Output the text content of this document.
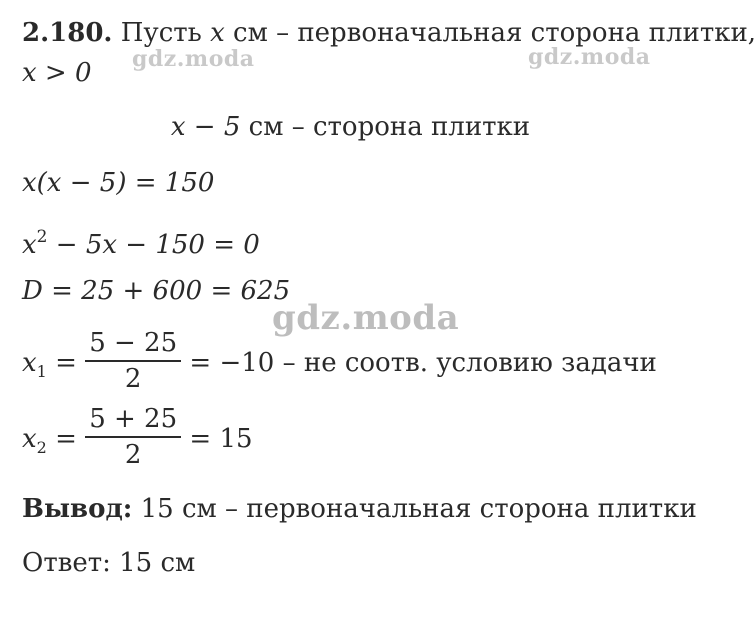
gdz.moda	gdz.moda
gdz.moda
2.180. Пусть x см – первоначальная сторона плитки,
x > 0
x − 5 см – сторона плитки
x(x − 5) = 150
$x^2 - 5x - 150 = 0$
D = 25 + 600 = 625
$x_1 = \frac{5 - 25}{2} = -10$ – не соотв. условию задачи
$x_2 = \frac{5 + 25}{2} = 15$
Вывод: 15 см – первоначальная сторона плитки
Ответ: 15 см
